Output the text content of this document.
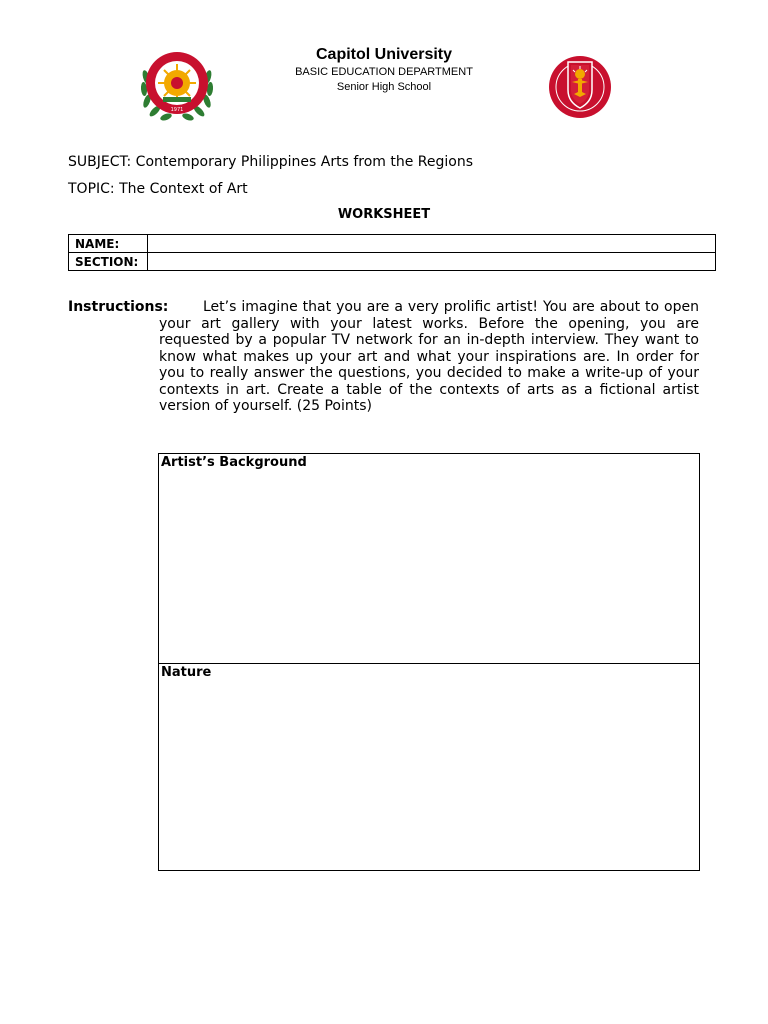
1971
Capitol University
BASIC EDUCATION DEPARTMENT
Senior High School
SUBJECT: Contemporary Philippines Arts from the Regions
TOPIC: The Context of Art
WORKSHEET
NAME:	
SECTION:	
Instructions:	Let’s imagine that you are a very prolific artist! You are about to open your art gallery with your latest works. Before the opening, you are requested by a popular TV network for an in-depth interview. They want to know what makes up your art and what your inspirations are. In order for you to really answer the questions, you decided to make a write-up of your contexts in art. Create a table of the contexts of arts as a fictional artist version of yourself. (25 Points)
Artist’s Background
Nature
